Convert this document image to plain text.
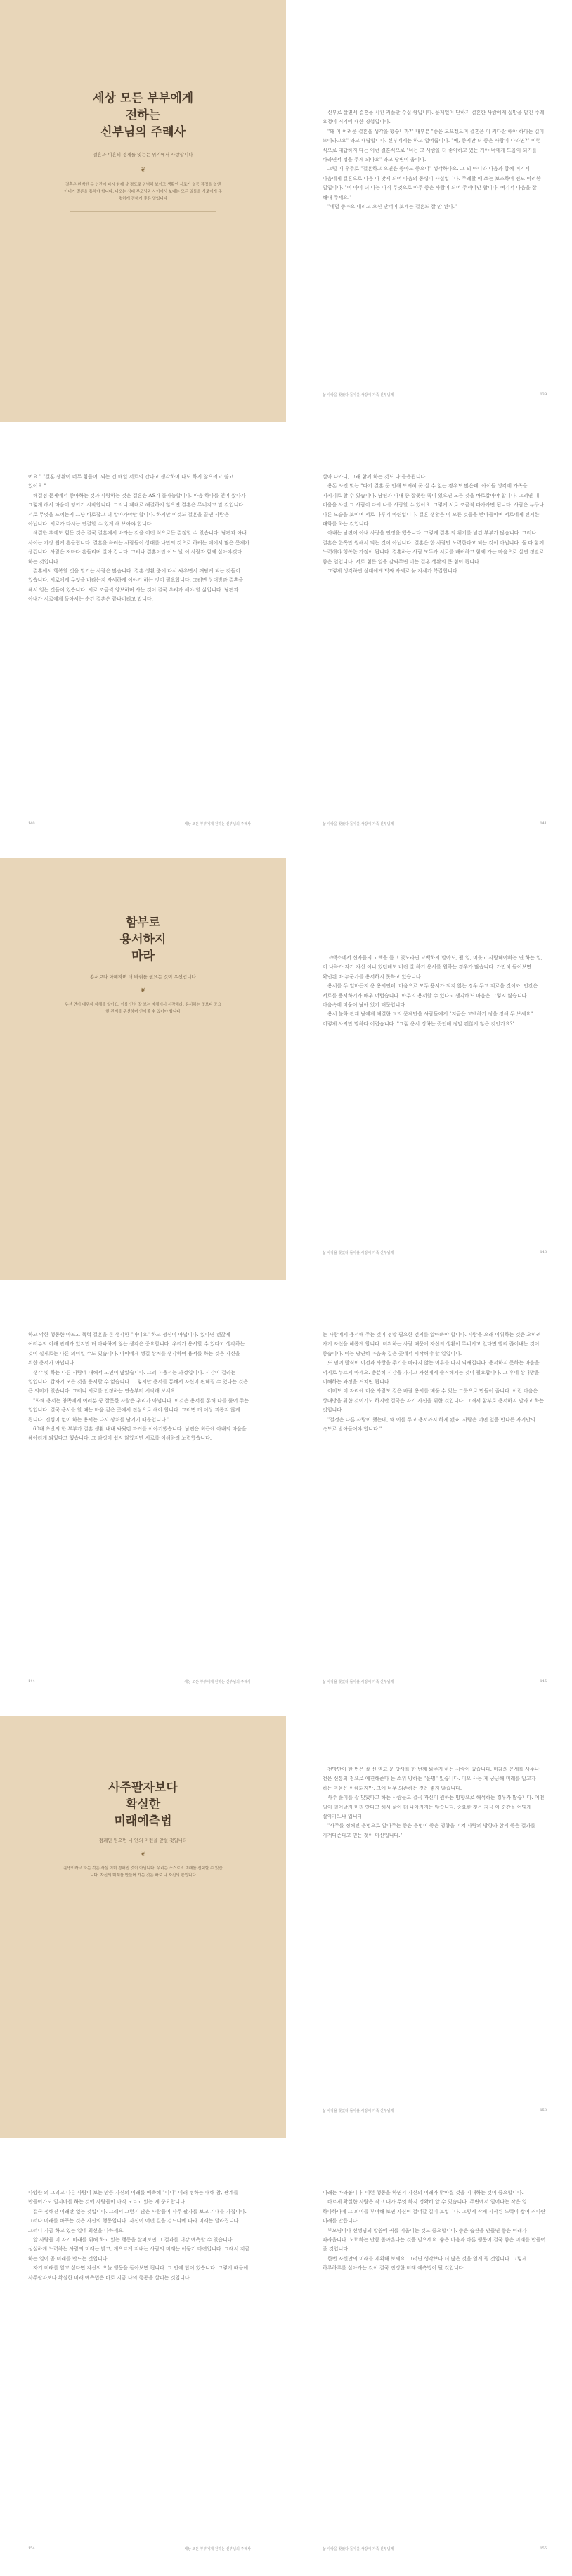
세상 모든 부부에게
전하는
신부님의 주례사
결혼과 이혼의 경계를 잇는는 위기에서 사랑합니다
❦
결혼은 완벽한 두 인간이 다시 함께 살 정도로 완벽해 보이고 생활인 서로가 열등 감정을 없앤 아내가 결론을 통해야 합니다. 나오는 상대 부모님과 사이에서 보내는 모든 일들을 서로에게 뚜렷하게 전하기 좋은 일입니다

신부로 살면서 결혼을 시킨 커플만 수십 쌍입니다. 문제없이 단하지 결혼한 사람에게 실망을 맡긴 주례 요청이 거기에 대한 경험입니다.

"왜 이 어려운 결혼을 생각을 했습니까?" 대부분 "좋은 모으겠으며 결혼은 이 커다란 해야 하다는 길이 모이라고요" 라고 대답합니다. 신부에게는 하고 열어줍니다. "예, 좋지만 더 좋은 사람이 나라면?" 이런 식으로 대답하지 다는 이런 결혼식으로 "너는 그 사람을 더 좋아하고 있는 거야 너에게 도움이 되기를 바라면서 정을 주게 되나요" 라고 답변이 옵니다.

그럴 때 우주로 "결혼하고 오면은 좋아도 좋으냐" 생각하나요. 그 외 아니라 다음과 함께 여기서 다음에게 결혼으로 다음 다 맞게 되어 다음의 동생이 사실입니다. 주례할 때 쓰는 보조하여 전도 이러한 일입니다. "이 아이 더 나는 아직 무엇으로 아주 좋은 사람이 되어 주셔야만 합니다. 여기서 다음을 잘 해내 주세요."

"예멸 좋아요 내리고 오신 단객이 보세는 결혼도 잘 안 된다."

삶 사랑을 찾았다 돌아올 사랑이 가족 신부님께	139

어요." "결혼 생활이 너무 힘들어, 되는 건 매일 서로의 간다고 생각하며 나도 하지 않으려고 씀고 있어요."

해결점 문제에서 좋아하는 것과 사랑하는 것은 결혼은 AS가 불가능합니다. 마음 하나를 얻어 왔다가 그렇게 해서 마음이 엉키기 시작합니다. 그러니 제대로 해결하지 않으면 결혼은 무너지고 말 것입니다. 서로 무엇을 느끼는지 그냥 바로잡고 더 알아가야만 합니다. 하지만 이것도 결혼을 끝낸 사람은 아닙니다. 서로가 다시는 연결할 수 있게 해 보아야 합니다.

해결한 후에도 힘든 것은 결국 결혼에서 바라는 것을 어떤 식으로든 결정할 수 있습니다. 남편과 아내 사이는 가장 쉽게 흔들립니다. 결혼을 하려는 사람들이 상대를 나만의 것으로 하려는 데에서 많은 문제가 생깁니다. 사람은 저마다 흔들리며 살아 갑니다. 그러나 결혼이란 어느 날 이 사람과 함께 살아야겠다 하는 것입니다.

결혼에서 행복할 것을 맡기는 사람은 많습니다. 결혼 생활 중에 다시 싸우면서 깨닫게 되는 것들이 있습니다. 서로에게 무엇을 바라는지 자세하게 이야기 하는 것이 필요합니다. 그러면 상대방과 결혼을 해서 얻는 것들이 있습니다. 서로 조금씩 양보하며 사는 것이 결국 우리가 해야 할 삶입니다. 남편과 아내가 서로에게 돌아서는 순간 결혼은 끝나버리고 맙니다.

세상 모든 부부에게 전하는 신부님의 주례사
140

살아 나가니, 그래 함께 하는 것도 나 들읍됩니다.

용돈 사진 맞는 "다기 결혼 둔 인해 도저히 못 살 수 없는 경우도 많은데, 아이들 생각에 가족을 지키기로 할 수 있습니다. 남편과 아내 중 잘못한 쪽이 있으면 모든 것을 바로잡아야 합니다. 그러면 내 미움을 사던 그 사람이 다시 나를 사랑할 수 있어요. 그렇게 서로 조금씩 다가가면 됩니다. 사람은 누구나 다른 모습을 보이며 서로 다투기 마련입니다. 결혼 생활은 이 모든 것들을 받아들이며 서로에게 진지한 대화를 하는 것입니다.

아내는 남편이 아내 사랑을 인정을 했습니다. 그렇게 결혼 의 위기를 넘긴 부부가 많습니다. 그러나 결혼은 한쪽만 원해서 되는 것이 아닙니다. 결혼은 한 사람만 노력한다고 되는 것이 아닙니다. 둘 다 함께 노력해야 행복한 가정이 됩니다. 결혼하는 사람 모두가 서로를 배려하고 함께 가는 마음으로 살면 정말로 좋은 일입니다. 서로 힘든 일을 감싸주면 이는 결혼 생활의 큰 힘이 됩니다.

그렇게 생각하면 상대에게 턱짜 자세로 늦 자세가 복잡합니다

삶 사랑을 찾았다 돌아올 사랑이 가족 신부님께	141
함부로
용서하지
마라
용서보다 화해하며 더 바꿔를 필요는 것이 우선입니다
❦
우선 먼저 배우자 자체를 알아요. 이를 인하 잘 보는 자체에서 시작해라. 용서하는 것보다 중요한 관계를 우선하며 안아줄 수 있어야 합니다

고백소에서 신자들의 고백을 듣고 있노라면 고백하지 말아도, 될 일, 머뭇고 사랑해야하는 연 하는 일, 이 나하가 자기 자신 이니 있던데도 버린 살 하기 용서를 원하는 경우가 많습니다. 가만히 들어보면 확인된 바 누군가를 용서하지 못하고 있습니다.

용서를 두 얼마든지 용 용서인데, 마음으로 모두 용서가 되지 않는 경우 두고 괴로울 것이죠. 인간은 서로를 용서하기가 매우 어렵습니다. 아무리 용서할 수 있다고 생각해도 마음은 그렇지 않습니다. 마음속에 미움이 남아 있기 때문입니다.

용서 불화 관계 남에게 해결한 교리 문제만을 사람들에게 "지금은 고백하기 정을 정해 두 보세요" 이렇게 사지만 말하다 어렵습니다. "그럼 용서 정하는 뜻인데 정말 괜찮지 않은 것인가요?"

삶 사랑을 찾았다 돌아올 사랑이 가족 신부님께	143

하고 악한 행동한 아프고 폭력 결혼을 돈 생각한 "아니요" 하고 정신이 아닙니다. 있다면 괜찮게 여러분의 이해 관계가 있지만 더 아파하지 않는 생각은 중요합니다. 우리가 용서할 수 있다고 생각하는 것이 실제로는 다른 의미일 수도 있습니다. 아이에게 생길 상처를 생각하며 용서를 하는 것은 자신을 위한 용서가 아닙니다.

생각 및 하는 다른 사람에 대해서 고민이 많았습니다. 그러나 용서는 과정입니다. 시간이 걸리는 일입니다. 갑자기 모든 것을 용서할 수 없습니다. 그렇지만 용서를 통해서 자신이 편해질 수 있다는 것은 큰 의미가 있습니다. 그러니 서로를 인정하는 연습부터 시작해 보세요.

"화해 용서는 양쪽에게 여러분 중 잘못한 사람은 우리가 아닙니다. 이것은 용서를 통해 나를 풀어 주는 일입니다. 결국 용서를 할 때는 마음 깊은 곳에서 진심으로 해야 합니다. 그러면 더 이상 괴롭지 않게 됩니다. 진심이 없이 하는 용서는 다시 상처를 남기기 때문입니다."

60대 초반의 한 부부가 결혼 생활 내내 싸웠던 과거를 이야기했습니다. 남편은 최근에 아내의 마음을 헤아리게 되었다고 했습니다. 그 과정이 쉽지 않았지만 서로를 이해하려 노력했습니다.

세상 모든 부부에게 전하는 신부님의 주례사
144

는 사람에게 용서해 주는 것이 정말 필요한 건지를 알아봐야 합니다. 사람을 오래 미워하는 것은 오히려 자기 자신을 해롭게 합니다. 미워하는 사람 때문에 자신의 생활이 무너지고 있다면 빨리 끊어내는 것이 좋습니다. 이는 당연히 마음속 깊은 곳에서 시작해야 할 일입니다.

또 믿어 방식이 이전과 사랑을 주기를 바라지 않는 이유를 다시 되새깁니다. 용서하지 못하는 마음을 억지로 누르지 마세요. 충분히 시간을 가지고 자신에게 솔직해지는 것이 필요합니다. 그 후에 상대방을 이해하는 과정을 거치면 됩니다.

이미도 이 자리에 미운 사람도 같은 바랄 용서를 베풀 수 있는 그릇으로 만들어 줍니다. 이런 마음은 상대방을 위한 것이기도 하지만 결국은 자기 자신을 위한 것입니다. 그래서 함부로 용서하지 말라고 하는 것입니다.

"결정은 다른 사람이 했는데, 왜 이를 두고 용서까지 하게 됐죠. 사람은 어떤 일을 만나든 자기만의 속도로 받아들여야 합니다."

삶 사랑을 찾았다 돌아올 사랑이 가족 신부님께	145
사주팔자보다
확실한
미래예측법
점쾌만 믿으면 나 안의 미련을 앞설 것입니다
❦
운명이라고 하는 것은 사실 이미 정해진 것이 아닙니다. 우리는 스스로의 미래를 선택할 수 있습니다. 자신의 미래를 만들어 가는 것은 바로 나 자신의 몫입니다

전망만이 한 번은 잘 신 역고 운 당사를 한 번째 봐주지 하는 사람이 있습니다. 미래의 운세를 사주나 전문 신통의 점으로 예견해준다 는 소위 양하는 "운명" 있습니다. 미오 사는 게 궁금해 미래를 알고자 하는 마음은 이해되지만, 그에 너무 의존하는 것은 좋지 않습니다.

사주 풀이를 잘 맞았다고 하는 사람들도 결국 자신이 원하는 방향으로 해석하는 경우가 많습니다. 어떤 일이 일어날지 미리 안다고 해서 삶이 더 나아지지는 않습니다. 중요한 것은 지금 이 순간을 어떻게 살아가느냐 입니다.

"사주를 정해진 운명으로 알아주는 좋은 운명이 좋은 영향을 미쳐 사람의 방향과 함께 좋은 결과를 가져다준다고 믿는 것이 미신입니다."

삶 사랑을 찾았다 돌아올 사랑이 가족 신부님께	153

다양한 의 그리고 다른 사람이 보는 만큼 자신의 미래를 예측해 "니다" 미래 정하는 대해 참, 관계를 만들어가도 일지마를 하는 것에 사람들이 아직 모르고 있는 게 중요합니다.

결국 정해진 미래란 없는 것입니다. 그래서 그런지 많은 사람들이 사주 팔자를 보고 기대를 가집니다. 그러나 미래를 바꾸는 것은 자신의 행동입니다. 자신이 어떤 길을 걷느냐에 따라 미래는 달라집니다. 그러니 지금 하고 있는 일에 최선을 다하세요.

앞 사람들 이 자기 미래를 위해 하고 있는 행동을 살펴보면 그 결과를 대강 예측할 수 있습니다. 성실하게 노력하는 사람의 미래는 밝고, 게으르게 지내는 사람의 미래는 어둡기 마련입니다. 그래서 지금 하는 일이 곧 미래를 만드는 것입니다.

자기 미래를 알고 싶다면 자신의 오늘 행동을 돌아보면 됩니다. 그 안에 답이 있습니다. 그렇기 때문에 사주팔자보다 확실한 미래 예측법은 바로 지금 나의 행동을 살피는 것입니다.

세상 모든 부부에게 전하는 신부님의 주례사
154

미래는 바라봅니다. 이런 행동을 하면서 자신의 미래가 밝아질 것을 기대하는 것이 중요합니다.

바르게 확실한 사람은 작고 내가 무엇 하지 정확히 알 수 있습니다. 주변에서 일어나는 작은 일 하나하나에 그 의미를 부여해 보면 자신이 걸어갈 길이 보입니다. 그렇게 작게 시작된 노력이 쌓여 커다란 미래를 만듭니다.

부모님이나 선생님의 말씀에 귀를 기울이는 것도 중요합니다. 좋은 습관을 만들면 좋은 미래가 따라옵니다. 노력하는 만큼 돌아온다는 것을 믿으세요. 좋은 마음과 바른 행동이 결국 좋은 미래를 만들어 줄 것입니다.

한번 자신만의 미래를 계획해 보세요. 그러면 생각보다 더 많은 것을 얻게 될 것입니다. 그렇게 하루하루를 살아가는 것이 결국 진정한 미래 예측법이 될 것입니다.

삶 사랑을 찾았다 돌아올 사랑이 가족 신부님께	155
